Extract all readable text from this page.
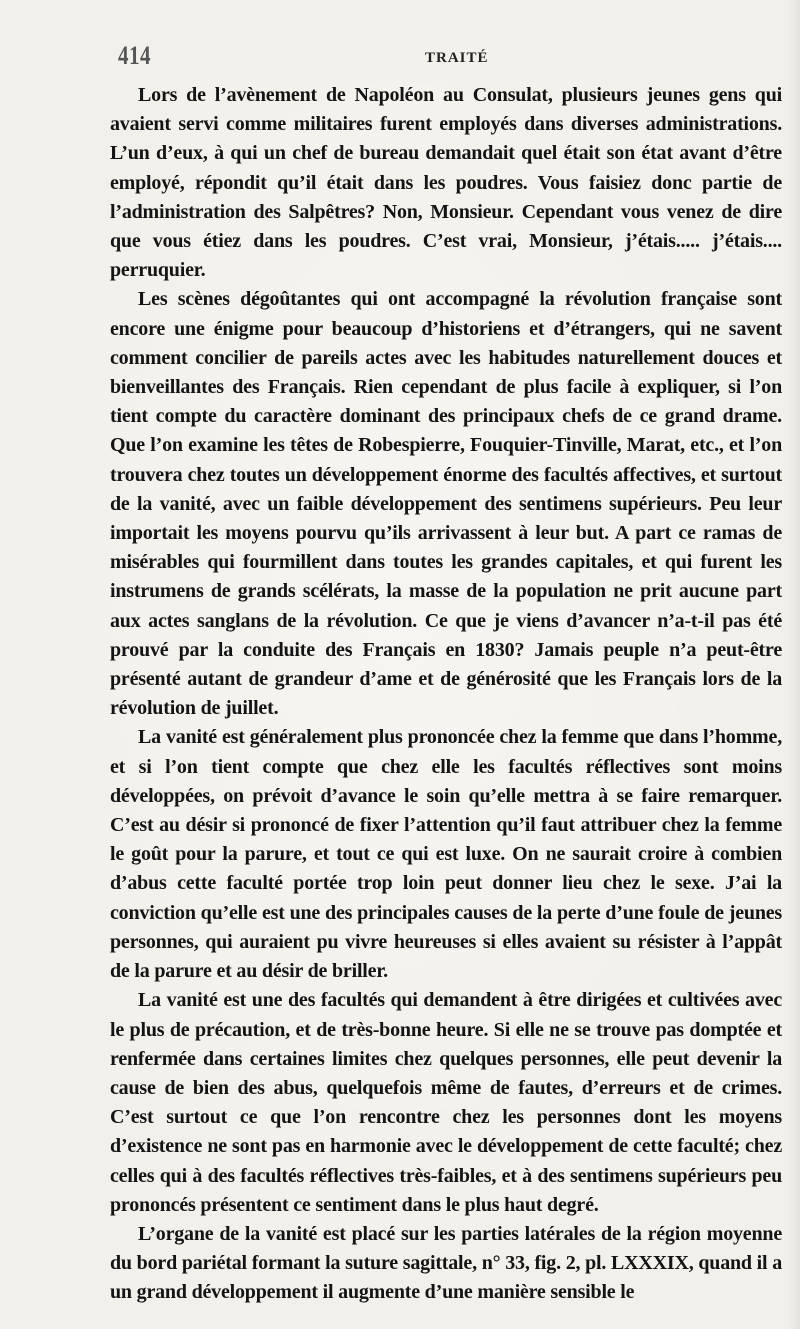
414	TRAITÉ

Lors de l’avènement de Napoléon au Consulat, plusieurs jeunes gens qui avaient servi comme militaires furent employés dans diverses administrations. L’un d’eux, à qui un chef de bureau demandait quel était son état avant d’être employé, répondit qu’il était dans les poudres. Vous faisiez donc partie de l’administration des Salpêtres? Non, Monsieur. Cependant vous venez de dire que vous étiez dans les poudres. C’est vrai, Monsieur, j’étais..... j’étais.... perruquier.

Les scènes dégoûtantes qui ont accompagné la révolution française sont encore une énigme pour beaucoup d’historiens et d’étrangers, qui ne savent comment concilier de pareils actes avec les habitudes naturellement douces et bienveillantes des Français. Rien cependant de plus facile à expliquer, si l’on tient compte du caractère dominant des principaux chefs de ce grand drame. Que l’on examine les têtes de Robespierre, Fouquier-Tinville, Marat, etc., et l’on trouvera chez toutes un développement énorme des facultés affectives, et surtout de la vanité, avec un faible développement des sentimens supérieurs. Peu leur importait les moyens pourvu qu’ils arrivassent à leur but. A part ce ramas de misérables qui fourmillent dans toutes les grandes capitales, et qui furent les instrumens de grands scélérats, la masse de la population ne prit aucune part aux actes sanglans de la révolution. Ce que je viens d’avancer n’a-t-il pas été prouvé par la conduite des Français en 1830? Jamais peuple n’a peut-être présenté autant de grandeur d’ame et de générosité que les Français lors de la révolution de juillet.

La vanité est généralement plus prononcée chez la femme que dans l’homme, et si l’on tient compte que chez elle les facultés réflectives sont moins développées, on prévoit d’avance le soin qu’elle mettra à se faire remarquer. C’est au désir si prononcé de fixer l’attention qu’il faut attribuer chez la femme le goût pour la parure, et tout ce qui est luxe. On ne saurait croire à combien d’abus cette faculté portée trop loin peut donner lieu chez le sexe. J’ai la conviction qu’elle est une des principales causes de la perte d’une foule de jeunes personnes, qui auraient pu vivre heureuses si elles avaient su résister à l’appât de la parure et au désir de briller.

La vanité est une des facultés qui demandent à être dirigées et cultivées avec le plus de précaution, et de très-bonne heure. Si elle ne se trouve pas domptée et renfermée dans certaines limites chez quelques personnes, elle peut devenir la cause de bien des abus, quelquefois même de fautes, d’erreurs et de crimes. C’est surtout ce que l’on rencontre chez les personnes dont les moyens d’existence ne sont pas en harmonie avec le développement de cette faculté; chez celles qui à des facultés réflectives très-faibles, et à des sentimens supérieurs peu prononcés présentent ce sentiment dans le plus haut degré.

L’organe de la vanité est placé sur les parties latérales de la région moyenne du bord pariétal formant la suture sagittale, n° 33, fig. 2, pl. LXXXIX, quand il a un grand développement il augmente d’une manière sensible le
